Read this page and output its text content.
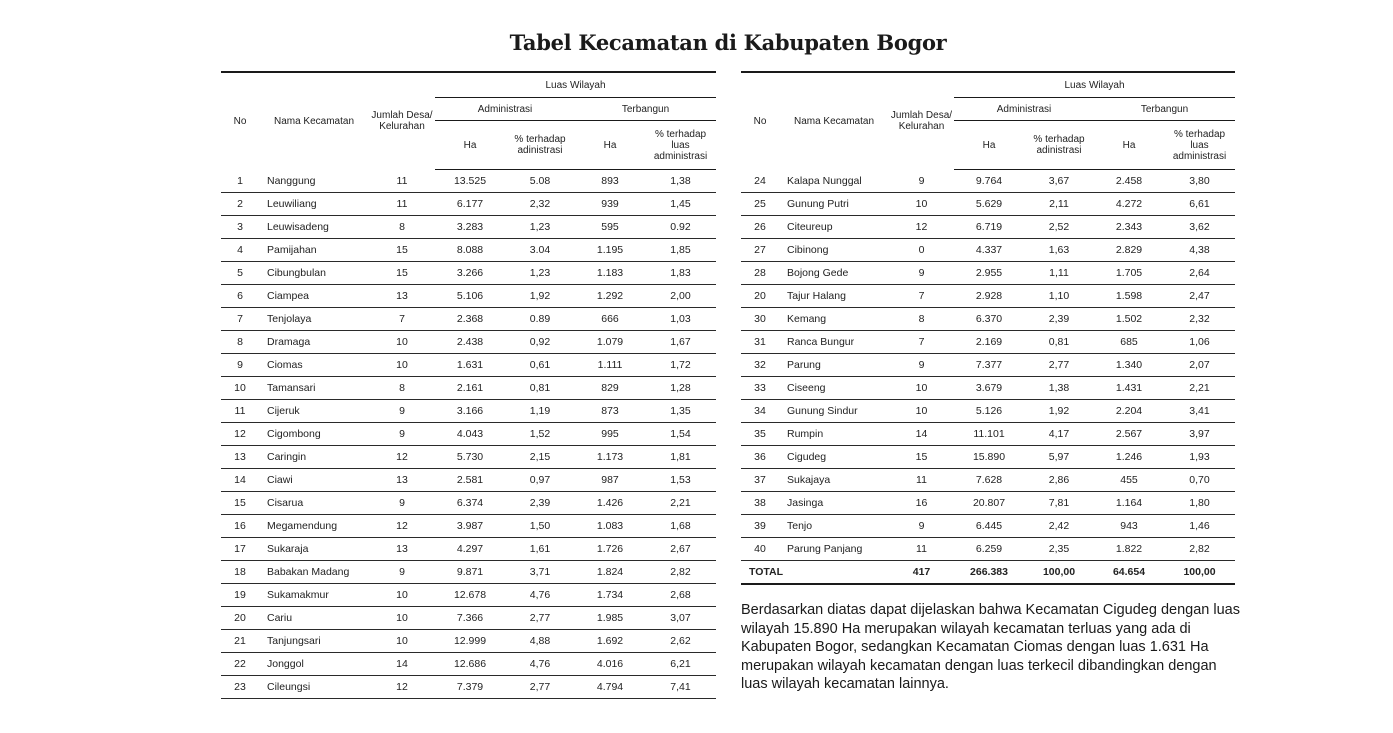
Tabel Kecamatan di Kabupaten Bogor
No	Nama Kecamatan	Jumlah Desa/ Kelurahan	Luas Wilayah			
			Administrasi		Terbangun	
			Ha	% terhadap adinistrasi	Ha	% terhadap luas administrasi
1	Nanggung	11	13.525	5.08	893	1,38
2	Leuwiliang	11	6.177	2,32	939	1,45
3	Leuwisadeng	8	3.283	1,23	595	0.92
4	Pamijahan	15	8.088	3.04	1.195	1,85
5	Cibungbulan	15	3.266	1,23	1.183	1,83
6	Ciampea	13	5.106	1,92	1.292	2,00
7	Tenjolaya	7	2.368	0.89	666	1,03
8	Dramaga	10	2.438	0,92	1.079	1,67
9	Ciomas	10	1.631	0,61	1.111	1,72
10	Tamansari	8	2.161	0,81	829	1,28
11	Cijeruk	9	3.166	1,19	873	1,35
12	Cigombong	9	4.043	1,52	995	1,54
13	Caringin	12	5.730	2,15	1.173	1,81
14	Ciawi	13	2.581	0,97	987	1,53
15	Cisarua	9	6.374	2,39	1.426	2,21
16	Megamendung	12	3.987	1,50	1.083	1,68
17	Sukaraja	13	4.297	1,61	1.726	2,67
18	Babakan Madang	9	9.871	3,71	1.824	2,82
19	Sukamakmur	10	12.678	4,76	1.734	2,68
20	Cariu	10	7.366	2,77	1.985	3,07
21	Tanjungsari	10	12.999	4,88	1.692	2,62
22	Jonggol	14	12.686	4,76	4.016	6,21
23	Cileungsi	12	7.379	2,77	4.794	7,41
No	Nama Kecamatan	Jumlah Desa/ Kelurahan	Luas Wilayah			
			Administrasi		Terbangun	
			Ha	% terhadap adinistrasi	Ha	% terhadap luas administrasi
24	Kalapa Nunggal	9	9.764	3,67	2.458	3,80
25	Gunung Putri	10	5.629	2,11	4.272	6,61
26	Citeureup	12	6.719	2,52	2.343	3,62
27	Cibinong	0	4.337	1,63	2.829	4,38
28	Bojong Gede	9	2.955	1,11	1.705	2,64
20	Tajur Halang	7	2.928	1,10	1.598	2,47
30	Kemang	8	6.370	2,39	1.502	2,32
31	Ranca Bungur	7	2.169	0,81	685	1,06
32	Parung	9	7.377	2,77	1.340	2,07
33	Ciseeng	10	3.679	1,38	1.431	2,21
34	Gunung Sindur	10	5.126	1,92	2.204	3,41
35	Rumpin	14	11.101	4,17	2.567	3,97
36	Cigudeg	15	15.890	5,97	1.246	1,93
37	Sukajaya	11	7.628	2,86	455	0,70
38	Jasinga	16	20.807	7,81	1.164	1,80
39	Tenjo	9	6.445	2,42	943	1,46
40	Parung Panjang	11	6.259	2,35	1.822	2,82
TOTAL		417	266.383	100,00	64.654	100,00

Berdasarkan diatas dapat dijelaskan bahwa Kecamatan Cigudeg dengan luas wilayah 15.890 Ha merupakan wilayah kecamatan terluas yang ada di Kabupaten Bogor, sedangkan Kecamatan Ciomas dengan luas 1.631 Ha merupakan wilayah kecamatan dengan luas terkecil dibandingkan dengan luas wilayah kecamatan lainnya.
